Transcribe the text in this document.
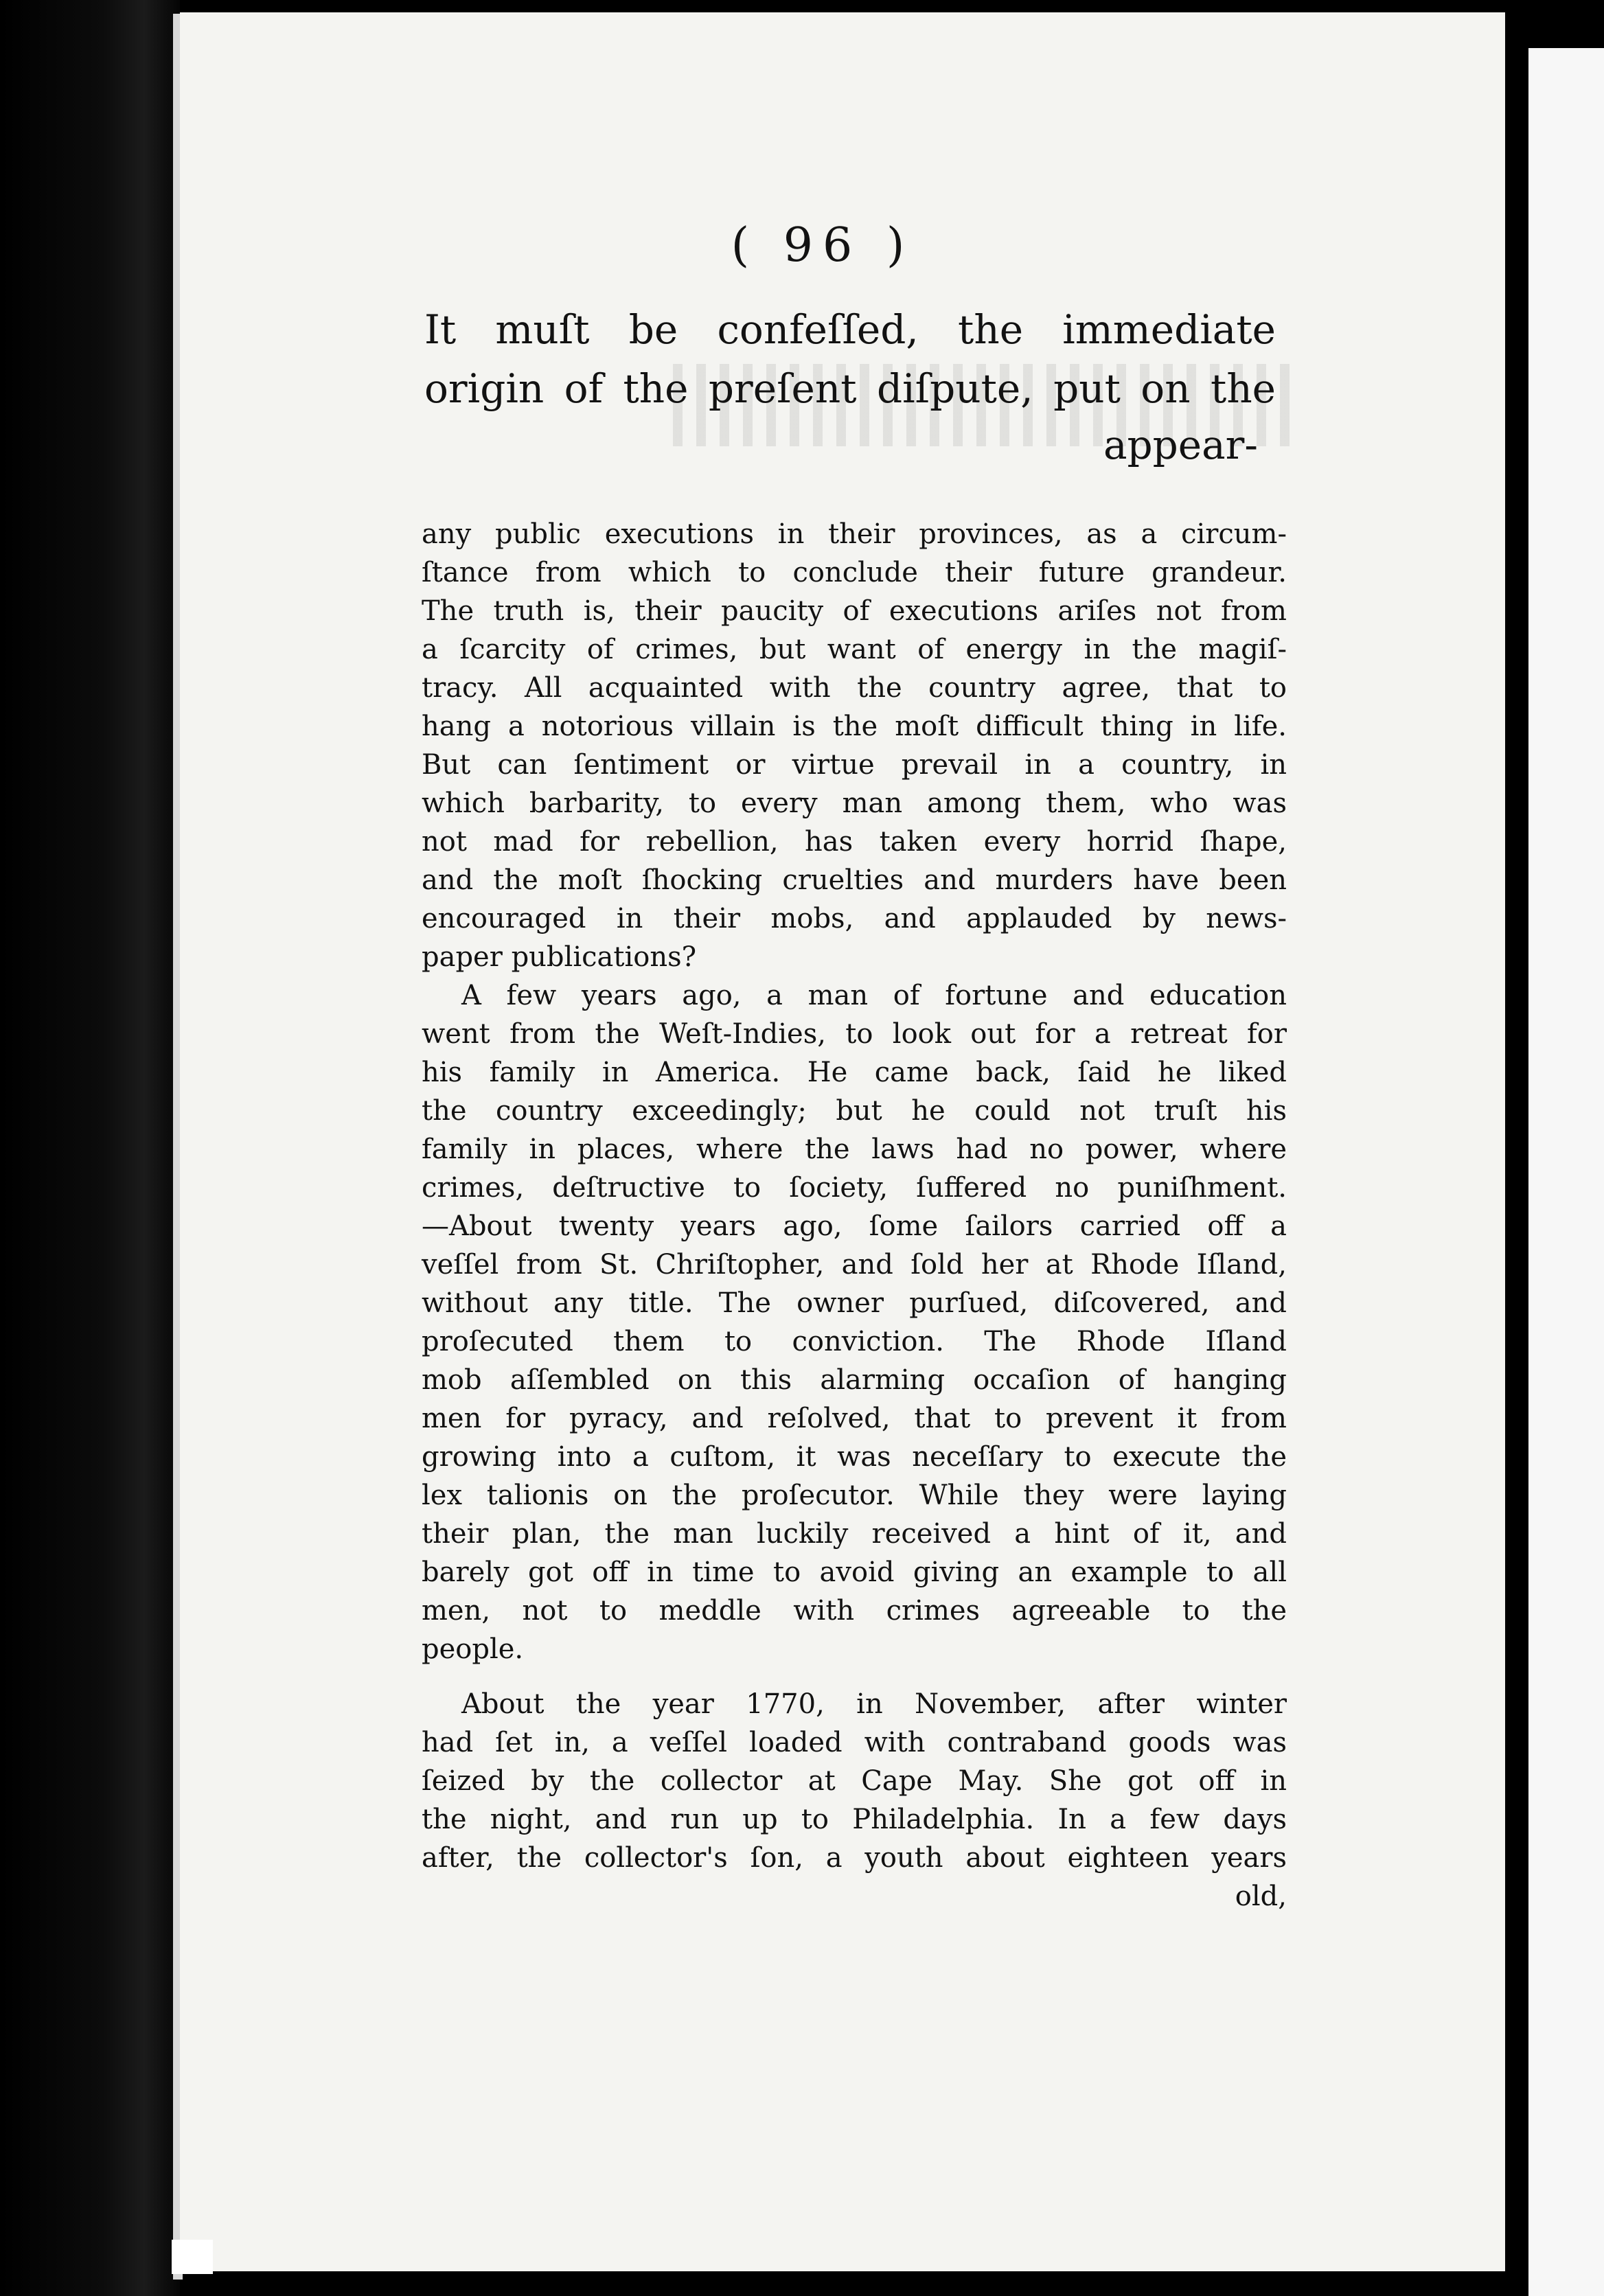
( 96 )
It muſt be confeſſed, the immediate
origin of the preſent diſpute, put on the
appear-

any public executions in their provinces, as a circum-

ſtance from which to conclude their future grandeur.

The truth is, their paucity of executions ariſes not from

a ſcarcity of crimes, but want of energy in the magiſ-

tracy. All acquainted with the country agree, that to

hang a notorious villain is the moſt difficult thing in life.

But can ſentiment or virtue prevail in a country, in

which barbarity, to every man among them, who was

not mad for rebellion, has taken every horrid ſhape,

and the moſt ſhocking cruelties and murders have been

encouraged in their mobs, and applauded by news-

paper publications?

A few years ago, a man of fortune and education

went from the Weſt-Indies, to look out for a retreat for

his family in America. He came back, ſaid he liked

the country exceedingly; but he could not truſt his

family in places, where the laws had no power, where

crimes, deſtructive to ſociety, ſuffered no puniſhment.

—About twenty years ago, ſome ſailors carried off a

veſſel from St. Chriſtopher, and ſold her at Rhode Iſland,

without any title. The owner purſued, diſcovered, and

proſecuted them to conviction. The Rhode Iſland

mob aſſembled on this alarming occaſion of hanging

men for pyracy, and reſolved, that to prevent it from

growing into a cuſtom, it was neceſſary to execute the

lex talionis on the proſecutor. While they were laying

their plan, the man luckily received a hint of it, and

barely got off in time to avoid giving an example to all

men, not to meddle with crimes agreeable to the

people.

About the year 1770, in November, after winter

had ſet in, a veſſel loaded with contraband goods was

ſeized by the collector at Cape May. She got off in

the night, and run up to Philadelphia. In a few days

after, the collector's ſon, a youth about eighteen years

old,
